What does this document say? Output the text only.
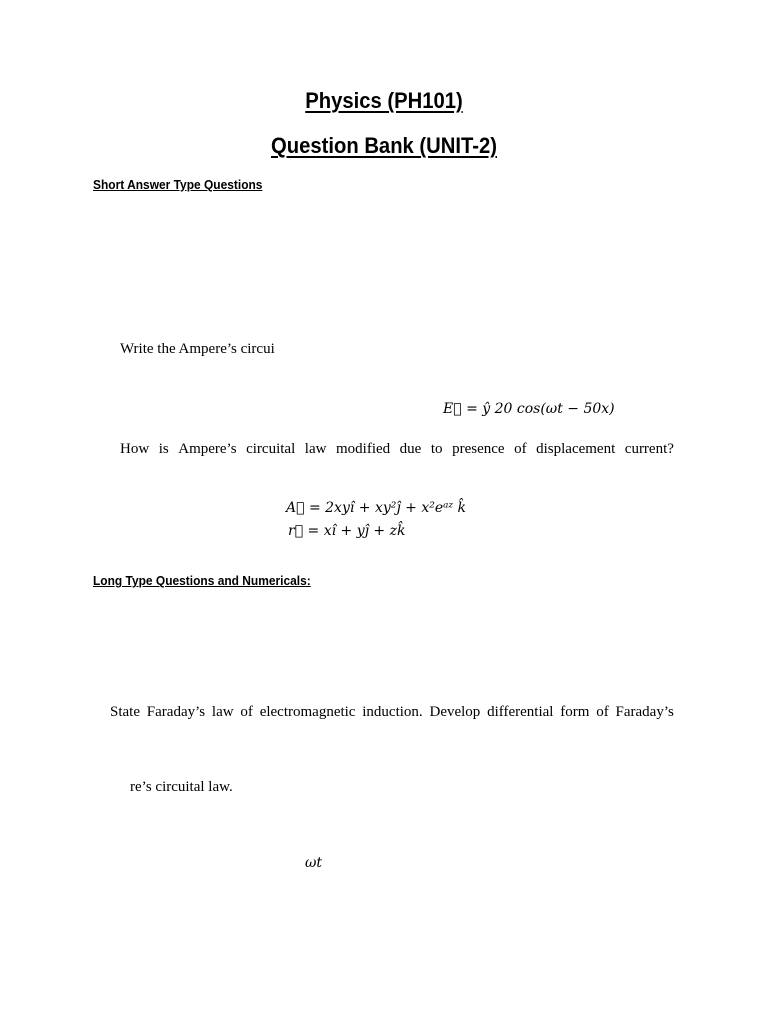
Physics (PH101)
Question Bank (UNIT-2)
Short Answer Type Questions
Write the Ampere’s circui
E⃗ = ŷ 20 cos(ωt − 50x)
How is Ampere’s circuital law modified due to presence of displacement current?
A⃗ = 2xyî + xy²ĵ + x²eᵃᶻ k̂
r⃗ = xî + yĵ + zk̂
Long Type Questions and Numericals:
State Faraday’s law of electromagnetic induction. Develop differential form of Faraday’s
re’s circuital law.
ωt
